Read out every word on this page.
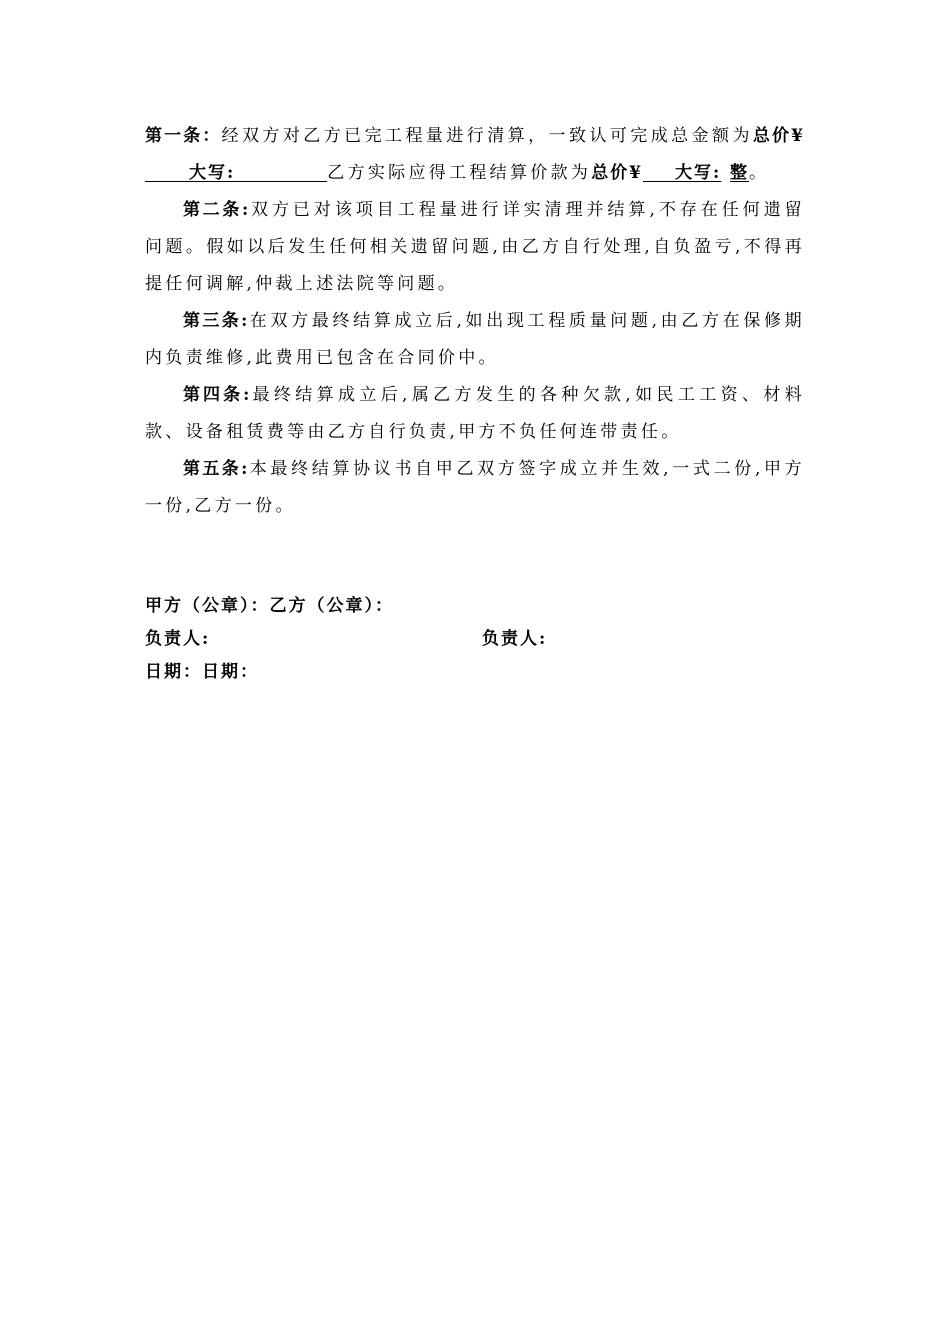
第一条：经双方对乙方已完工程量进行清算，一致认可完成总金额为总价¥大写:	乙方实际应得工程结算价款为总价¥ 大写: 整。

第二条:双方已对该项目工程量进行详实清理并结算,不存在任何遗留问题。假如以后发生任何相关遗留问题,由乙方自行处理,自负盈亏,不得再提任何调解,仲裁上述法院等问题。

第三条:在双方最终结算成立后,如出现工程质量问题,由乙方在保修期内负责维修,此费用已包含在合同价中。

第四条:最终结算成立后,属乙方发生的各种欠款,如民工工资、材料款、设备租赁费等由乙方自行负责,甲方不负任何连带责任。

第五条:本最终结算协议书自甲乙双方签字成立并生效,一式二份,甲方一份,乙方一份。

甲方（公章）：乙方（公章）：
负责人:	负责人:
日期：日期：
